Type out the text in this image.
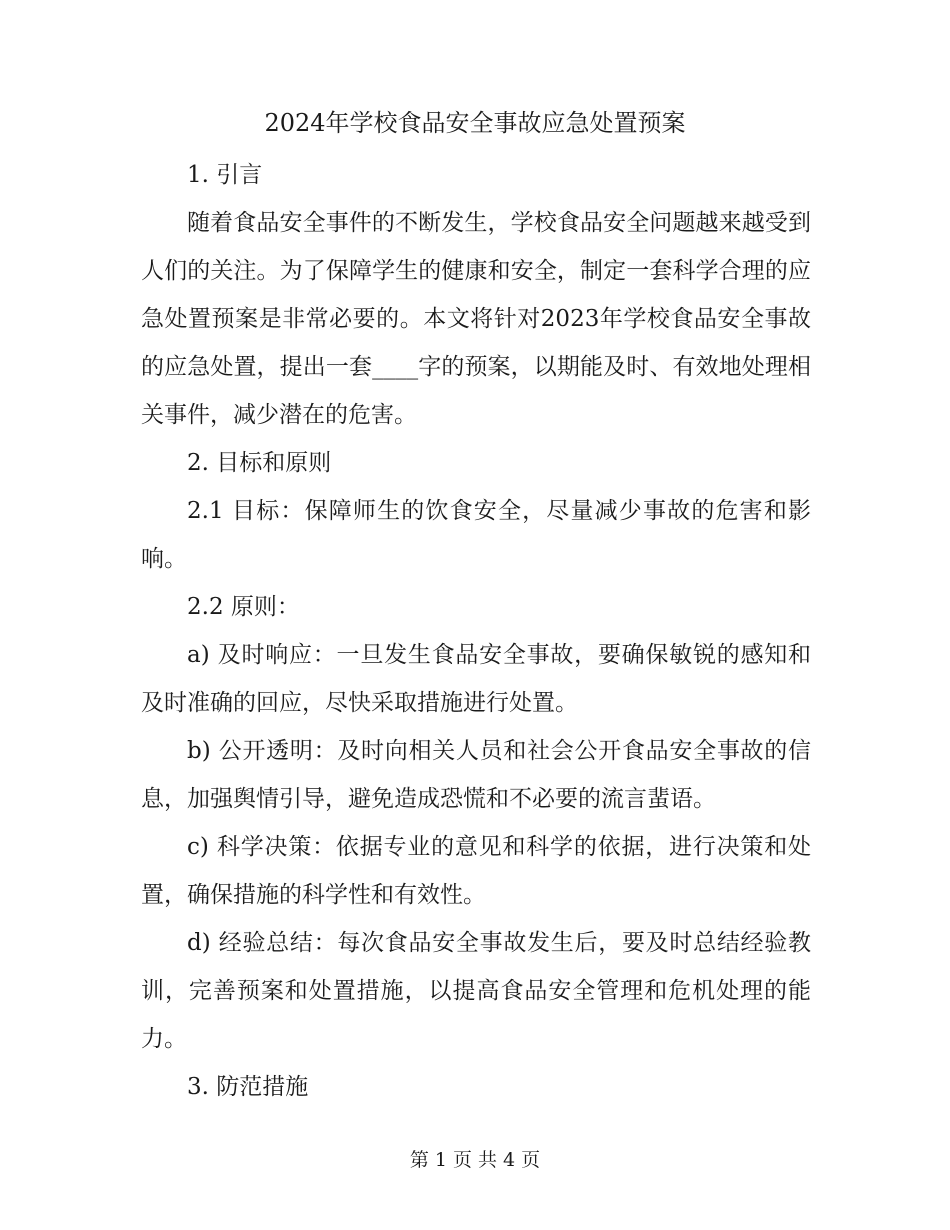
2024年学校食品安全事故应急处置预案

1. 引言

随着食品安全事件的不断发生，学校食品安全问题越来越受到人们的关注。为了保障学生的健康和安全，制定一套科学合理的应急处置预案是非常必要的。本文将针对2023年学校食品安全事故的应急处置，提出一套____字的预案，以期能及时、有效地处理相关事件，减少潜在的危害。

2. 目标和原则

2.1 目标：保障师生的饮食安全，尽量减少事故的危害和影响。

2.2 原则：

a) 及时响应：一旦发生食品安全事故，要确保敏锐的感知和及时准确的回应，尽快采取措施进行处置。

b) 公开透明：及时向相关人员和社会公开食品安全事故的信息，加强舆情引导，避免造成恐慌和不必要的流言蜚语。

c) 科学决策：依据专业的意见和科学的依据，进行决策和处置，确保措施的科学性和有效性。

d) 经验总结：每次食品安全事故发生后，要及时总结经验教训，完善预案和处置措施，以提高食品安全管理和危机处理的能力。

3. 防范措施

第 1 页 共 4 页
